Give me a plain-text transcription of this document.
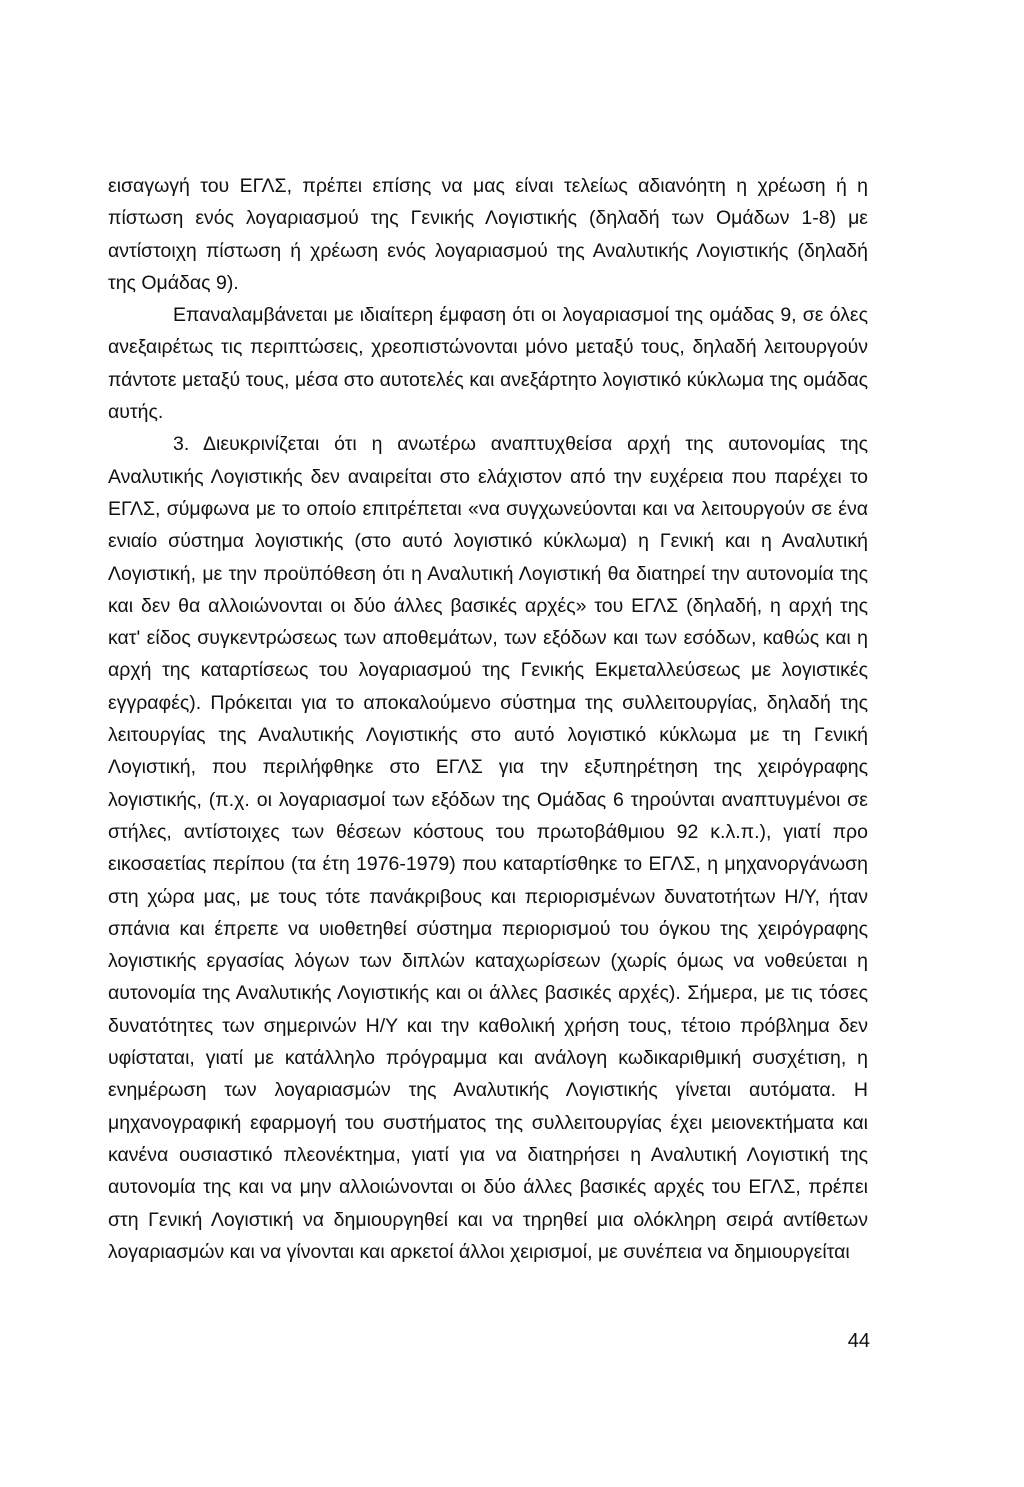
εισαγωγή του ΕΓΛΣ, πρέπει επίσης να μας είναι τελείως αδιανόητη η χρέωση ή η πίστωση ενός λογαριασμού της Γενικής Λογιστικής (δηλαδή των Ομάδων 1-8) με αντίστοιχη πίστωση ή χρέωση ενός λογαριασμού της Αναλυτικής Λογιστικής (δηλαδή της Ομάδας 9).

Επαναλαμβάνεται με ιδιαίτερη έμφαση ότι οι λογαριασμοί της ομάδας 9, σε όλες ανεξαιρέτως τις περιπτώσεις, χρεοπιστώνονται μόνο μεταξύ τους, δηλαδή λειτουργούν πάντοτε μεταξύ τους, μέσα στο αυτοτελές και ανεξάρτητο λογιστικό κύκλωμα της ομάδας αυτής.

3. Διευκρινίζεται ότι η ανωτέρω αναπτυχθείσα αρχή της αυτονομίας της Αναλυτικής Λογιστικής δεν αναιρείται στο ελάχιστον από την ευχέρεια που παρέχει το ΕΓΛΣ, σύμφωνα με το οποίο επιτρέπεται «να συγχωνεύονται και να λειτουργούν σε ένα ενιαίο σύστημα λογιστικής (στο αυτό λογιστικό κύκλωμα) η Γενική και η Αναλυτική Λογιστική, με την προϋπόθεση ότι η Αναλυτική Λογιστική θα διατηρεί την αυτονομία της και δεν θα αλλοιώνονται οι δύο άλλες βασικές αρχές» του ΕΓΛΣ (δηλαδή, η αρχή της κατ' είδος συγκεντρώσεως των αποθεμάτων, των εξόδων και των εσόδων, καθώς και η αρχή της καταρτίσεως του λογαριασμού της Γενικής Εκμεταλλεύσεως με λογιστικές εγγραφές). Πρόκειται για το αποκαλούμενο σύστημα της συλλειτουργίας, δηλαδή της λειτουργίας της Αναλυτικής Λογιστικής στο αυτό λογιστικό κύκλωμα με τη Γενική Λογιστική, που περιλήφθηκε στο ΕΓΛΣ για την εξυπηρέτηση της χειρόγραφης λογιστικής, (π.χ. οι λογαριασμοί των εξόδων της Ομάδας 6 τηρούνται αναπτυγμένοι σε στήλες, αντίστοιχες των θέσεων κόστους του πρωτοβάθμιου 92 κ.λ.π.), γιατί προ εικοσαετίας περίπου (τα έτη 1976-1979) που καταρτίσθηκε το ΕΓΛΣ, η μηχανοργάνωση στη χώρα μας, με τους τότε πανάκριβους και περιορισμένων δυνατοτήτων Η/Υ, ήταν σπάνια και έπρεπε να υιοθετηθεί σύστημα περιορισμού του όγκου της χειρόγραφης λογιστικής εργασίας λόγων των διπλών καταχωρίσεων (χωρίς όμως να νοθεύεται η αυτονομία της Αναλυτικής Λογιστικής και οι άλλες βασικές αρχές). Σήμερα, με τις τόσες δυνατότητες των σημερινών Η/Υ και την καθολική χρήση τους, τέτοιο πρόβλημα δεν υφίσταται, γιατί με κατάλληλο πρόγραμμα και ανάλογη κωδικαριθμική συσχέτιση, η ενημέρωση των λογαριασμών της Αναλυτικής Λογιστικής γίνεται αυτόματα. Η μηχανογραφική εφαρμογή του συστήματος της συλλειτουργίας έχει μειονεκτήματα και κανένα ουσιαστικό πλεονέκτημα, γιατί για να διατηρήσει η Αναλυτική Λογιστική της αυτονομία της και να μην αλλοιώνονται οι δύο άλλες βασικές αρχές του ΕΓΛΣ, πρέπει στη Γενική Λογιστική να δημιουργηθεί και να τηρηθεί μια ολόκληρη σειρά αντίθετων λογαριασμών και να γίνονται και αρκετοί άλλοι χειρισμοί, με συνέπεια να δημιουργείται

44
